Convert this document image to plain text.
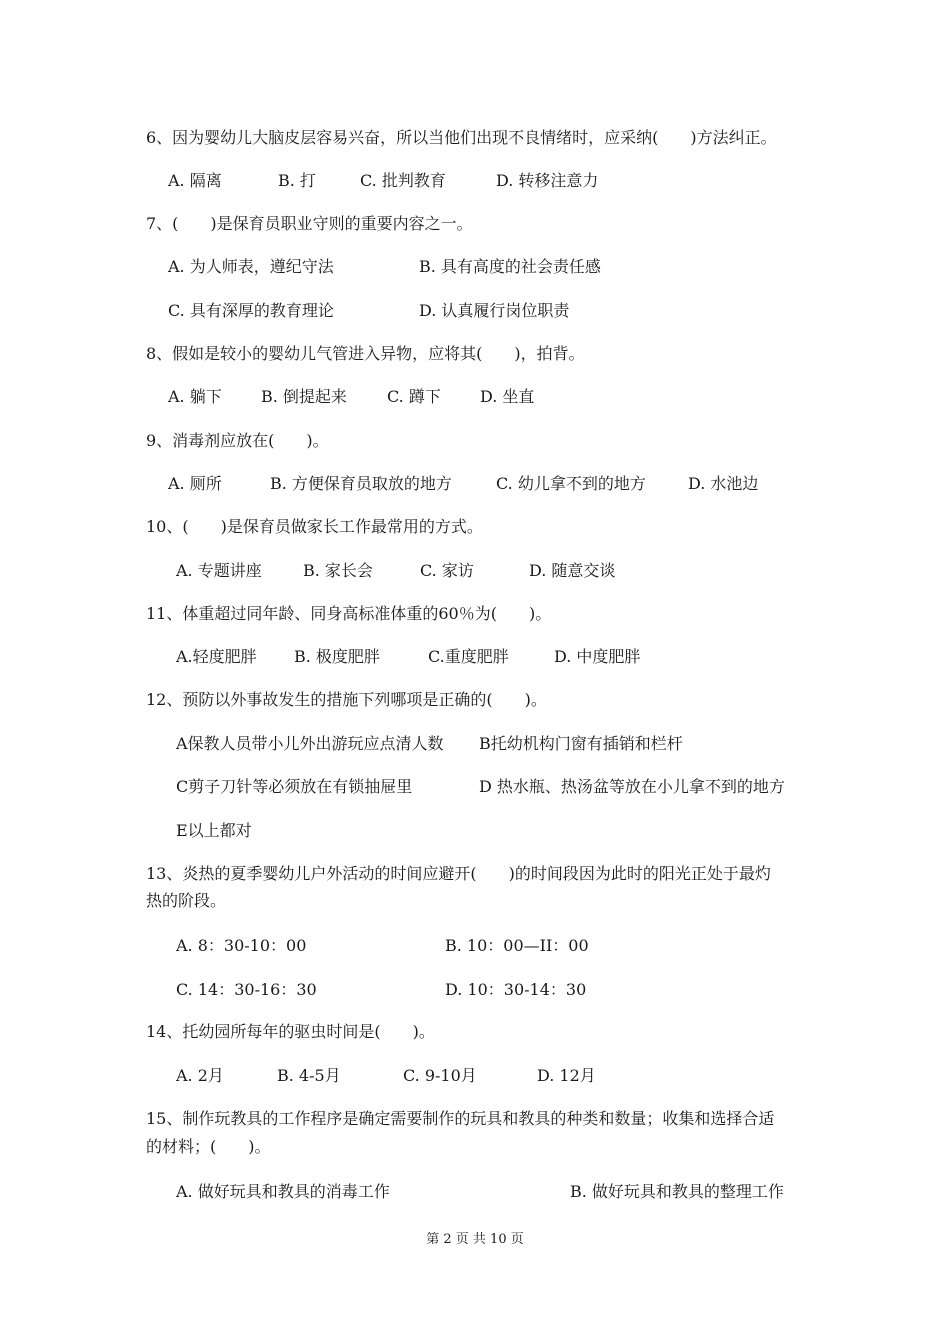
6、因为婴幼儿大脑皮层容易兴奋，所以当他们出现不良情绪时，应采纳(　　)方法纠正。
A. 隔离	B. 打	C. 批判教育	D. 转移注意力
7、(　　)是保育员职业守则的重要内容之一。
A. 为人师表，遵纪守法	B. 具有高度的社会责任感
C. 具有深厚的教育理论	D. 认真履行岗位职责
8、假如是较小的婴幼儿气管进入异物，应将其(　　)，拍背。
A. 躺下 B. 倒提起来	C. 蹲下 D. 坐直
9、消毒剂应放在(　　)。
A. 厕所	B. 方便保育员取放的地方	C. 幼儿拿不到的地方	D. 水池边
10、(　　)是保育员做家长工作最常用的方式。
A. 专题讲座	B. 家长会	C. 家访	D. 随意交谈
11、体重超过同年龄、同身高标准体重的60％为(　　)。
A.轻度肥胖 B. 极度肥胖	C.重度肥胖	D. 中度肥胖
12、预防以外事故发生的措施下列哪项是正确的(　　)。
A保教人员带小儿外出游玩应点清人数 B托幼机构门窗有插销和栏杆
C剪子刀针等必须放在有锁抽屉里	D 热水瓶、热汤盆等放在小儿拿不到的地方
E以上都对
13、炎热的夏季婴幼儿户外活动的时间应避开(　　)的时间段因为此时的阳光正处于最灼
热的阶段。
A. 8：30-10：00	B. 10：00—II：00
C. 14：30-16：30	D. 10：30-14：30
14、托幼园所每年的驱虫时间是(　　)。
A. 2月	B. 4-5月	C. 9-10月	D. 12月
15、制作玩教具的工作程序是确定需要制作的玩具和教具的种类和数量；收集和选择合适
的材料；(　　)。
A. 做好玩具和教具的消毒工作	B. 做好玩具和教具的整理工作
第 2 页 共 10 页
